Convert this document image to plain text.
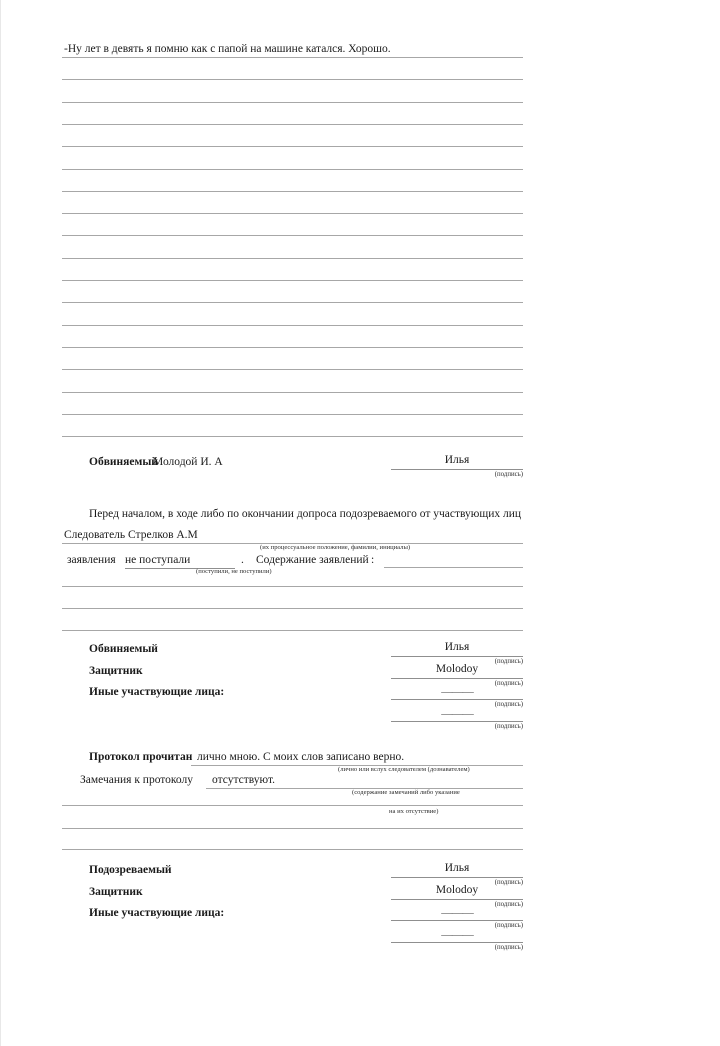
-Ну лет в девять я помню как с папой на машине катался. Хорошо.
Обвиняемый
Молодой И. А	Илья
(подпись)
Перед началом, в ходе либо по окончании допроса подозреваемого от участвующих лиц
Следователь Стрелков А.М
(их процессуальное положение, фамилии, инициалы)
заявления не поступали	.
(поступили, не поступили)
Содержание заявлений :
Обвиняемый	Илья
(подпись)
Защитник	Molodoy
(подпись)
Иные участвующие лица:	———
(подпись)
———
(подпись)
Протокол прочитан лично мною. С моих слов записано верно.
(лично или вслух следователем (дознавателем)
Замечания к протоколу отсутствуют.
(содержание замечаний либо указание
на их отсутствие)
Подозреваемый	Илья
(подпись)
Защитник	Molodoy
(подпись)
Иные участвующие лица:	———
(подпись)
———
(подпись)
